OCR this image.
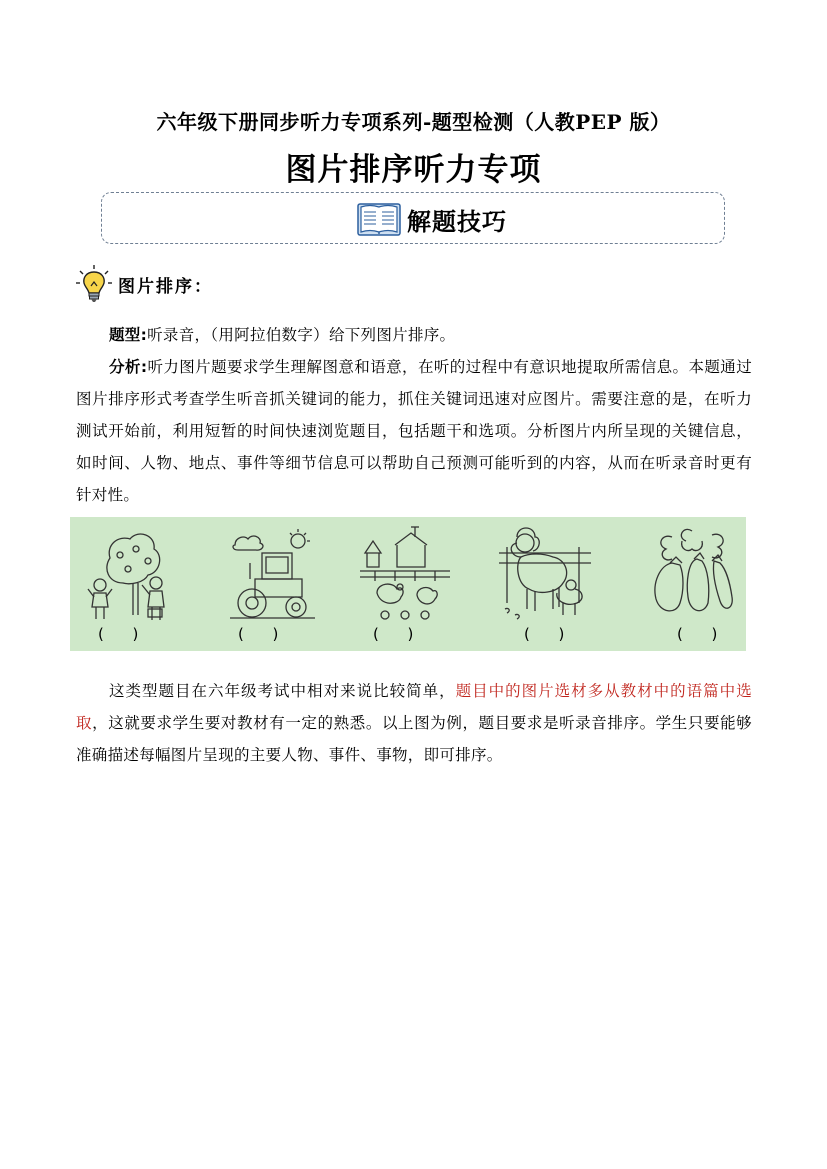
六年级下册同步听力专项系列-题型检测（人教PEP 版）
图片排序听力专项
解题技巧
图片排序：
题型:听录音，（用阿拉伯数字）给下列图片排序。
分析:听力图片题要求学生理解图意和语意，在听的过程中有意识地提取所需信息。本题通过图片排序形式考查学生听音抓关键词的能力，抓住关键词迅速对应图片。需要注意的是，在听力测试开始前，利用短暂的时间快速浏览题目，包括题干和选项。分析图片内所呈现的关键信息，如时间、人物、地点、事件等细节信息可以帮助自己预测可能听到的内容，从而在听录音时更有针对性。
(      )	(      )	(      )	(      )	(      )
这类型题目在六年级考试中相对来说比较简单，题目中的图片选材多从教材中的语篇中选取，这就要求学生要对教材有一定的熟悉。以上图为例，题目要求是听录音排序。学生只要能够准确描述每幅图片呈现的主要人物、事件、事物，即可排序。
